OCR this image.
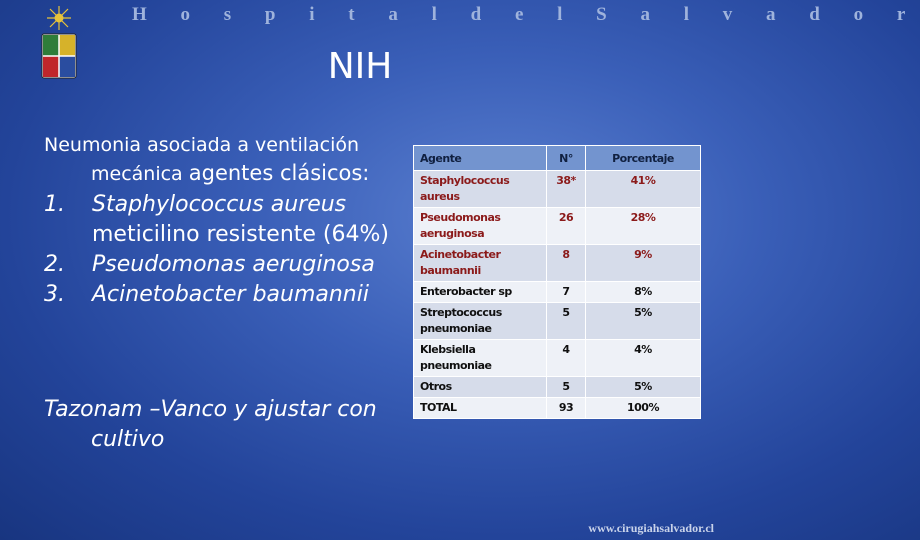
H o s p i t a l d e l S a l v a d o r
NIH
Neumonia asociada a ventilación
mecánica agentes clásicos:
1.	Staphylococcus aureus
meticilino resistente (64%)
2.	Pseudomonas aeruginosa
3.	Acinetobacter baumannii
Tazonam –Vanco y ajustar con
cultivo
Agente	N°	Porcentaje
Staphylococcus aureus	38*	41%
Pseudomonas aeruginosa	26	28%
Acinetobacter baumannii	8	9%
Enterobacter sp	7	8%
Streptococcus pneumoniae	5	5%
Klebsiella pneumoniae	4	4%
Otros	5	5%
TOTAL	93	100%
www.cirugiahsalvador.cl
